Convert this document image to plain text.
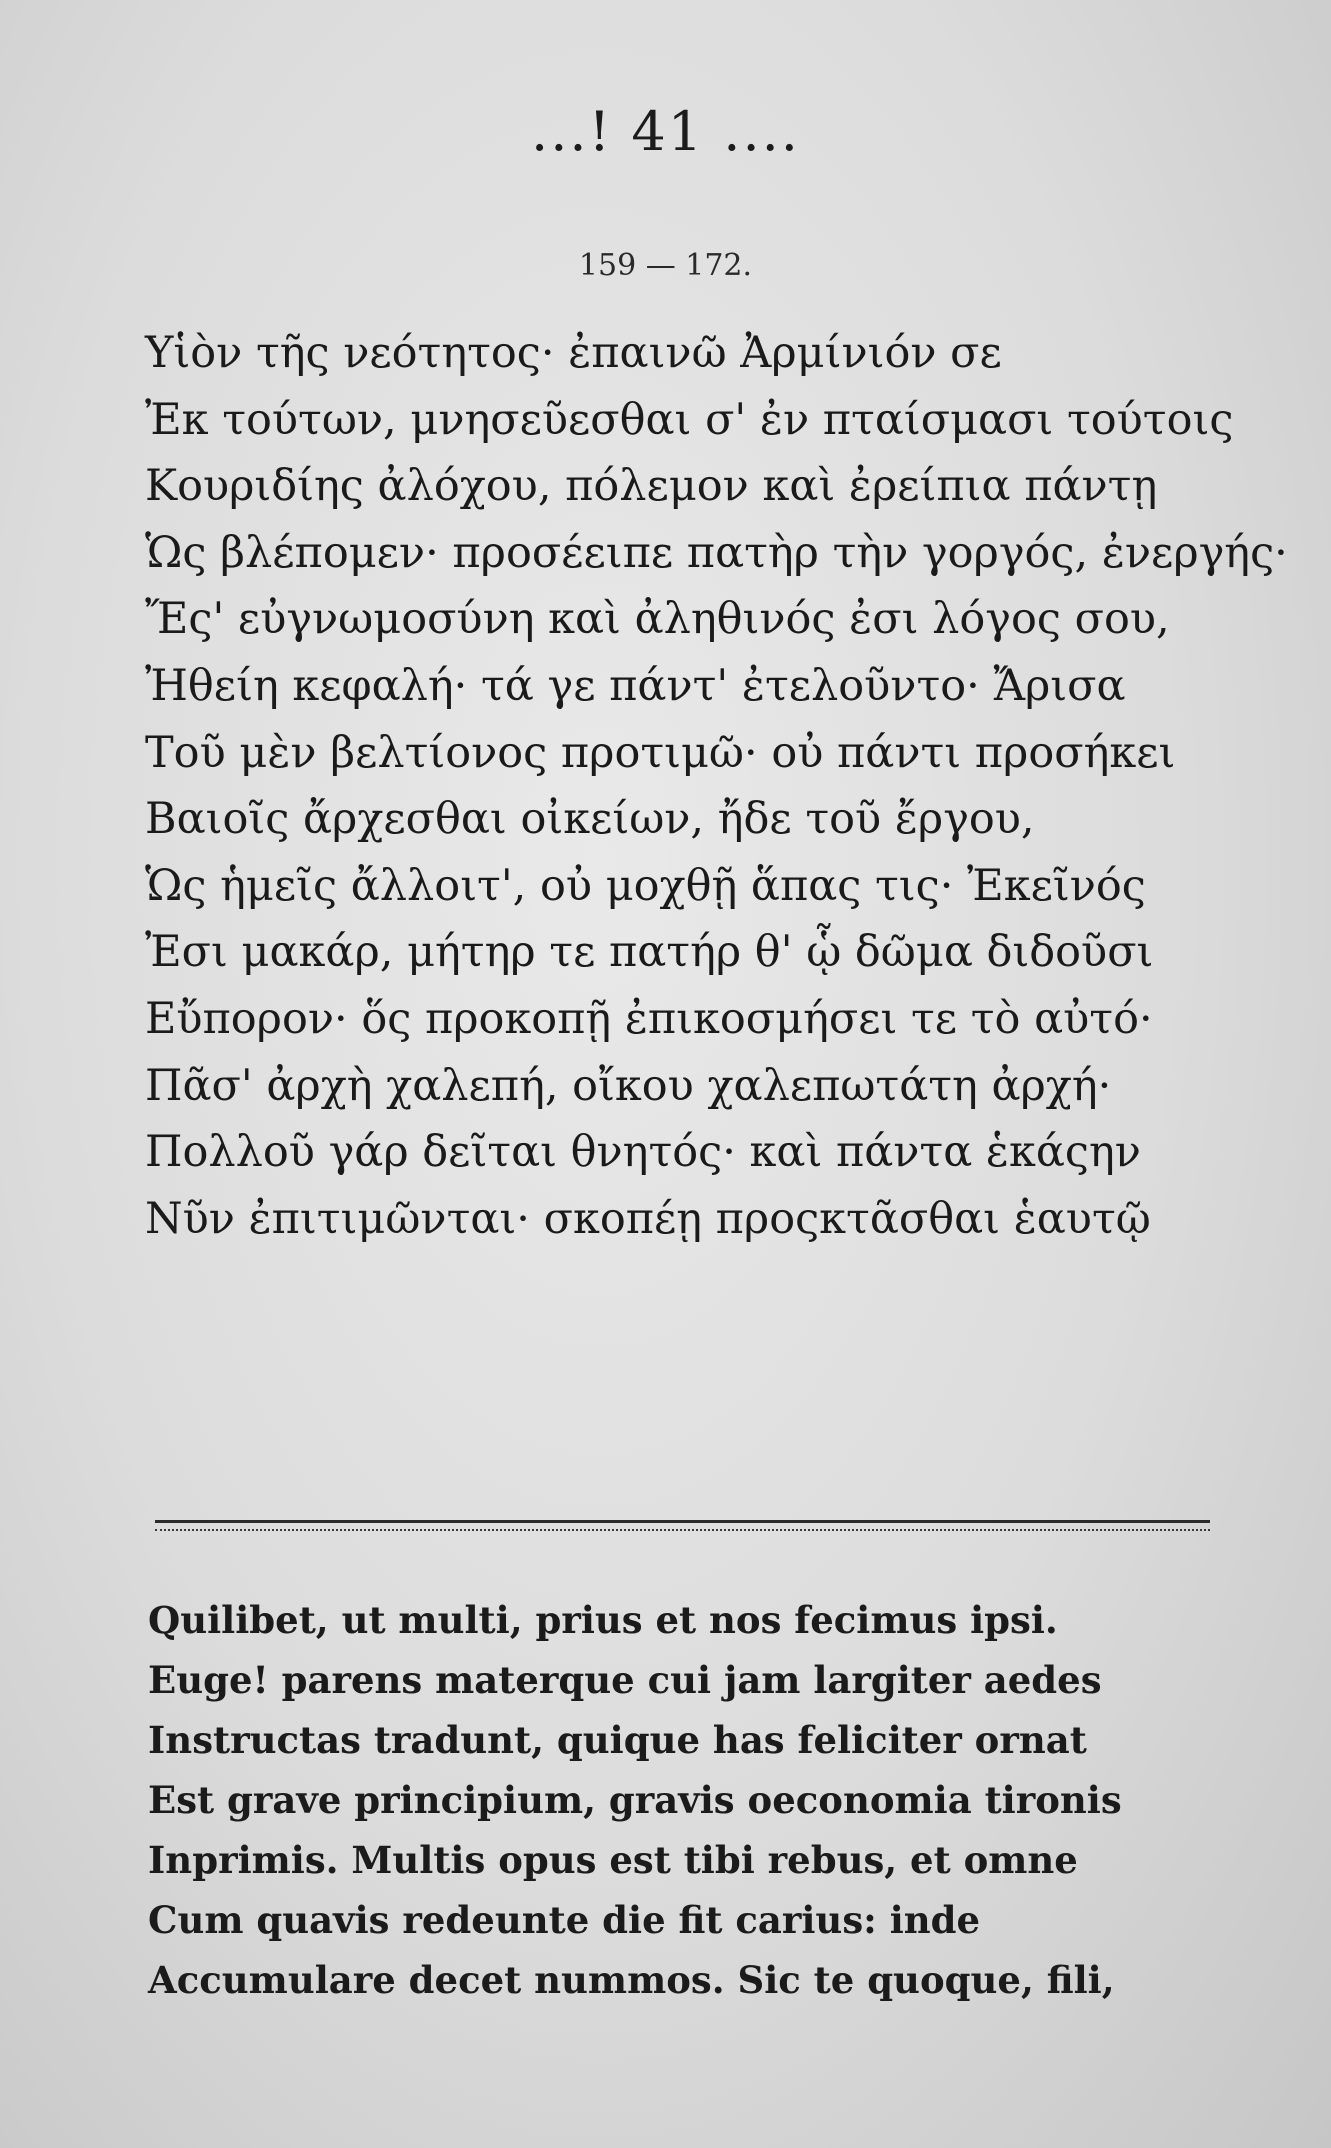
...! 41 ....
159 — 172.
Υἱὸν τῆς νεότητος· ἐπαινῶ Ἀρμίνιόν σε
Ἐκ τούτων, μνησεῦεσθαι σ' ἐν πταίσμασι τούτοις
Κουριδίης ἀλόχου, πόλεμον καὶ ἐρείπια πάντῃ
Ὡς βλέπομεν· προσέειπε πατὴρ τὴν γοργός, ἐνεργής·
Ἔς' εὐγνωμοσύνη καὶ ἀληθινός ἐσι λόγος σου,
Ἠθείη κεφαλή· τά γε πάντ' ἐτελοῦντο· Ἄρισα
Τοῦ μὲν βελτίονος προτιμῶ· οὐ πάντι προσήκει
Βαιοῖς ἄρχεσθαι οἰκείων, ἤδε τοῦ ἔργου,
Ὡς ἡμεῖς ἄλλοιτ', οὐ μοχθῇ ἅπας τις· Ἐκεῖνός
Ἐσι μακάρ, μήτηρ τε πατήρ θ' ᾧ δῶμα διδοῦσι
Εὔπορον· ὅς προκοπῇ ἐπικοσμήσει τε τὸ αὐτό·
Πᾶσ' ἀρχὴ χαλεπή, οἴκου χαλεπωτάτη ἀρχή·
Πολλοῦ γάρ δεῖται θνητός· καὶ πάντα ἑκάςην
Νῦν ἐπιτιμῶνται· σκοπέῃ προςκτᾶσθαι ἑαυτῷ
Quilibet, ut multi, prius et nos fecimus ipsi.
Euge! parens materque cui jam largiter aedes
Instructas tradunt, quique has feliciter ornat
Est grave principium, gravis oeconomia tironis
Inprimis. Multis opus est tibi rebus, et omne
Cum quavis redeunte die fit carius: inde
Accumulare decet nummos. Sic te quoque, fili,
